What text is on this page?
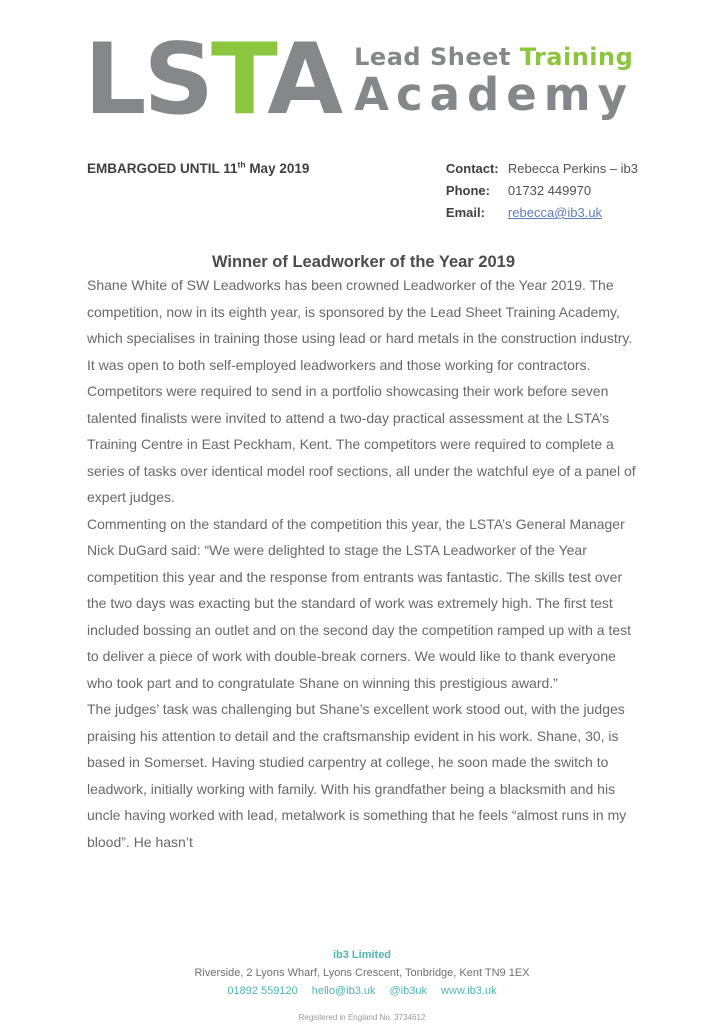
LSTA Lead Sheet Training
Academy
EMBARGOED UNTIL 11th May 2019	Contact: Rebecca Perkins – ib3
Phone:	01732 449970
Email:	rebecca@ib3.uk
Winner of Leadworker of the Year 2019

Shane White of SW Leadworks has been crowned Leadworker of the Year 2019. The competition, now in its eighth year, is sponsored by the Lead Sheet Training Academy, which specialises in training those using lead or hard metals in the construction industry. It was open to both self-employed leadworkers and those working for contractors.

Competitors were required to send in a portfolio showcasing their work before seven talented finalists were invited to attend a two-day practical assessment at the LSTA’s Training Centre in East Peckham, Kent. The competitors were required to complete a series of tasks over identical model roof sections, all under the watchful eye of a panel of expert judges.

Commenting on the standard of the competition this year, the LSTA’s General Manager Nick DuGard said: “We were delighted to stage the LSTA Leadworker of the Year competition this year and the response from entrants was fantastic. The skills test over the two days was exacting but the standard of work was extremely high. The first test included bossing an outlet and on the second day the competition ramped up with a test to deliver a piece of work with double-break corners. We would like to thank everyone who took part and to congratulate Shane on winning this prestigious award.”

The judges’ task was challenging but Shane’s excellent work stood out, with the judges praising his attention to detail and the craftsmanship evident in his work. Shane, 30, is based in Somerset. Having studied carpentry at college, he soon made the switch to leadwork, initially working with family. With his grandfather being a blacksmith and his uncle having worked with lead, metalwork is something that he feels “almost runs in my blood”. He hasn’t

ib3 Limited
Riverside, 2 Lyons Wharf, Lyons Crescent, Tonbridge, Kent TN9 1EX
01892 559120 hello@ib3.uk @ib3uk www.ib3.uk
Registered in England No. 3734612
